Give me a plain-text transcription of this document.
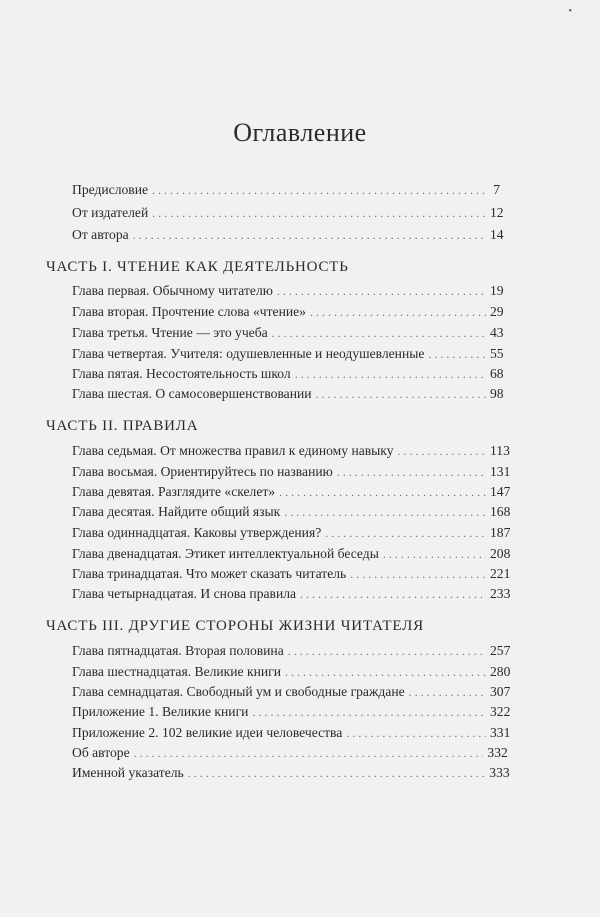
•
Оглавление
Предисловие . . .	7
От издателей . . .	12
От автора . . .	14
ЧАСТЬ I. ЧТЕНИЕ КАК ДЕЯТЕЛЬНОСТЬ
Глава первая. Обычному читателю . . .	19
Глава вторая. Прочтение слова «чтение» . . .	29
Глава третья. Чтение — это учеба . . .	43
Глава четвертая. Учителя: одушевленные и неодушевленные . . .	55
Глава пятая. Несостоятельность школ . . .	68
Глава шестая. О самосовершенствовании . . .	98
ЧАСТЬ II. ПРАВИЛА
Глава седьмая. От множества правил к единому навыку . . .	113
Глава восьмая. Ориентируйтесь по названию . . .	131
Глава девятая. Разглядите «скелет» . . .	147
Глава десятая. Найдите общий язык . . .	168
Глава одиннадцатая. Каковы утверждения? . . .	187
Глава двенадцатая. Этикет интеллектуальной беседы . . .	208
Глава тринадцатая. Что может сказать читатель . . .	221
Глава четырнадцатая. И снова правила . . .	233
ЧАСТЬ III. ДРУГИЕ СТОРОНЫ ЖИЗНИ ЧИТАТЕЛЯ
Глава пятнадцатая. Вторая половина . . .	257
Глава шестнадцатая. Великие книги . . .	280
Глава семнадцатая. Свободный ум и свободные граждане . . .	307
Приложение 1. Великие книги . . .	322
Приложение 2. 102 великие идеи человечества . . .	331
Об авторе . . .	332
Именной указатель . . .	333
